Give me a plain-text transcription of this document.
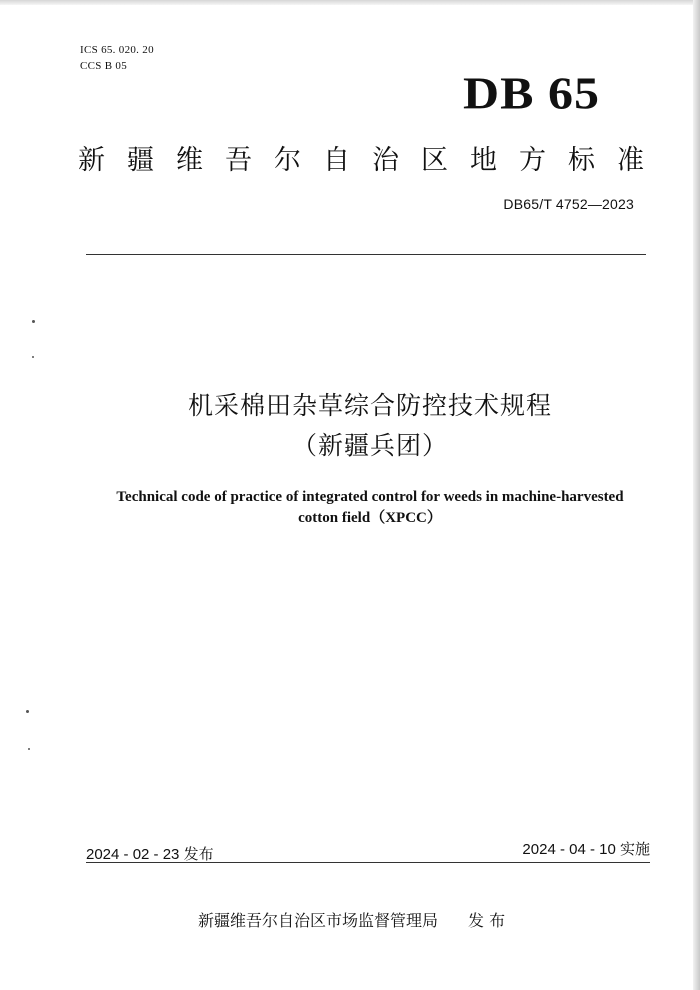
ICS 65. 020. 20
CCS B 05
DB 65
新 疆 维 吾 尔 自 治 区 地 方 标 准
DB65/T 4752—2023
机采棉田杂草综合防控技术规程
（新疆兵团）
Technical code of practice of integrated control for weeds in machine-harvested
cotton field（XPCC）
2024 - 02 - 23 发布	2024 - 04 - 10 实施
新疆维吾尔自治区市场监督管理局 发 布
